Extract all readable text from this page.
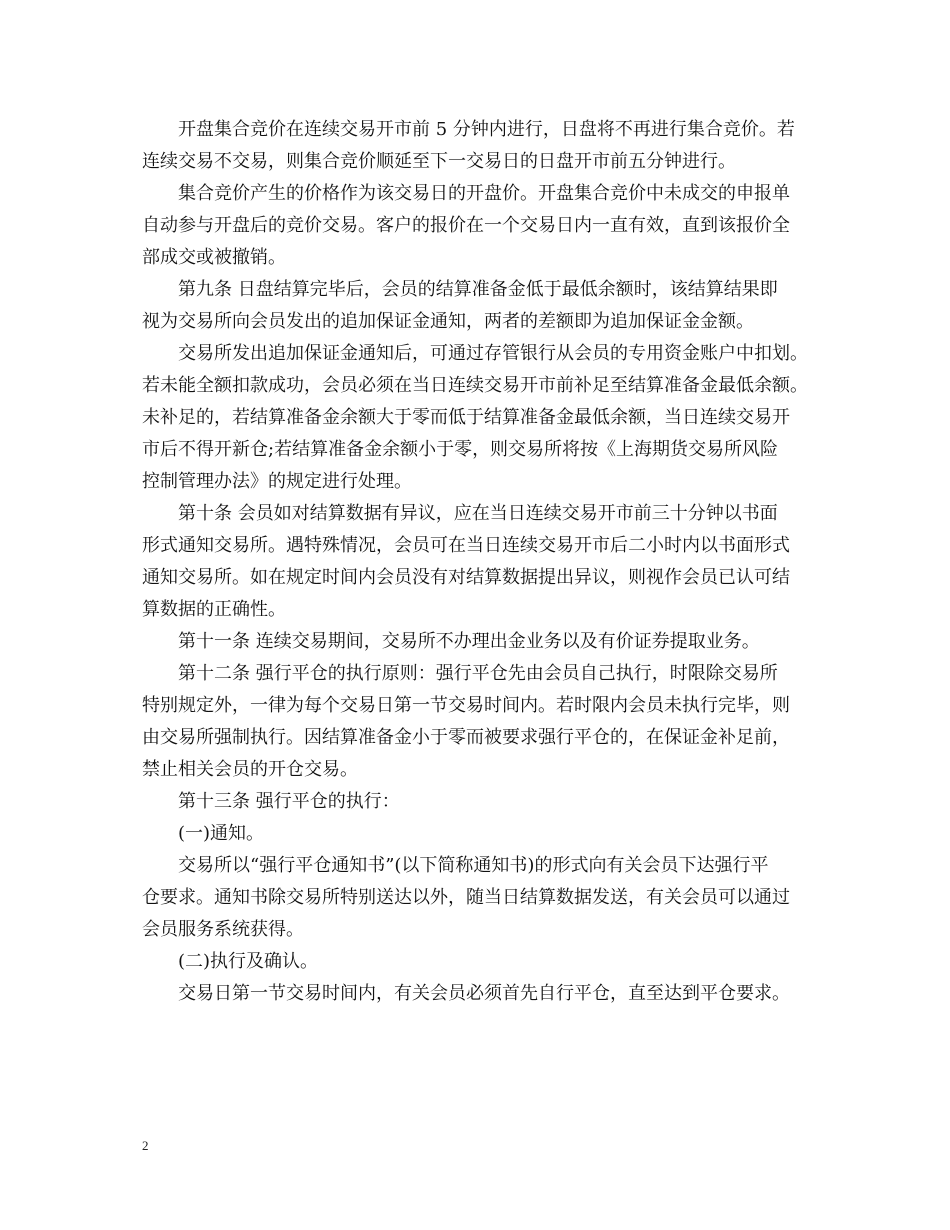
开盘集合竞价在连续交易开市前 5 分钟内进行，日盘将不再进行集合竞价。若
连续交易不交易，则集合竞价顺延至下一交易日的日盘开市前五分钟进行。
集合竞价产生的价格作为该交易日的开盘价。开盘集合竞价中未成交的申报单
自动参与开盘后的竞价交易。客户的报价在一个交易日内一直有效，直到该报价全
部成交或被撤销。
第九条 日盘结算完毕后，会员的结算准备金低于最低余额时，该结算结果即
视为交易所向会员发出的追加保证金通知，两者的差额即为追加保证金金额。
交易所发出追加保证金通知后，可通过存管银行从会员的专用资金账户中扣划。
若未能全额扣款成功，会员必须在当日连续交易开市前补足至结算准备金最低余额。
未补足的，若结算准备金余额大于零而低于结算准备金最低余额，当日连续交易开
市后不得开新仓;若结算准备金余额小于零，则交易所将按《上海期货交易所风险
控制管理办法》的规定进行处理。
第十条 会员如对结算数据有异议，应在当日连续交易开市前三十分钟以书面
形式通知交易所。遇特殊情况，会员可在当日连续交易开市后二小时内以书面形式
通知交易所。如在规定时间内会员没有对结算数据提出异议，则视作会员已认可结
算数据的正确性。
第十一条 连续交易期间，交易所不办理出金业务以及有价证券提取业务。
第十二条 强行平仓的执行原则：强行平仓先由会员自己执行，时限除交易所
特别规定外，一律为每个交易日第一节交易时间内。若时限内会员未执行完毕，则
由交易所强制执行。因结算准备金小于零而被要求强行平仓的，在保证金补足前，
禁止相关会员的开仓交易。
第十三条 强行平仓的执行：
(一)通知。
交易所以“强行平仓通知书”(以下简称通知书)的形式向有关会员下达强行平
仓要求。通知书除交易所特别送达以外，随当日结算数据发送，有关会员可以通过
会员服务系统获得。
(二)执行及确认。
交易日第一节交易时间内，有关会员必须首先自行平仓，直至达到平仓要求。
2
